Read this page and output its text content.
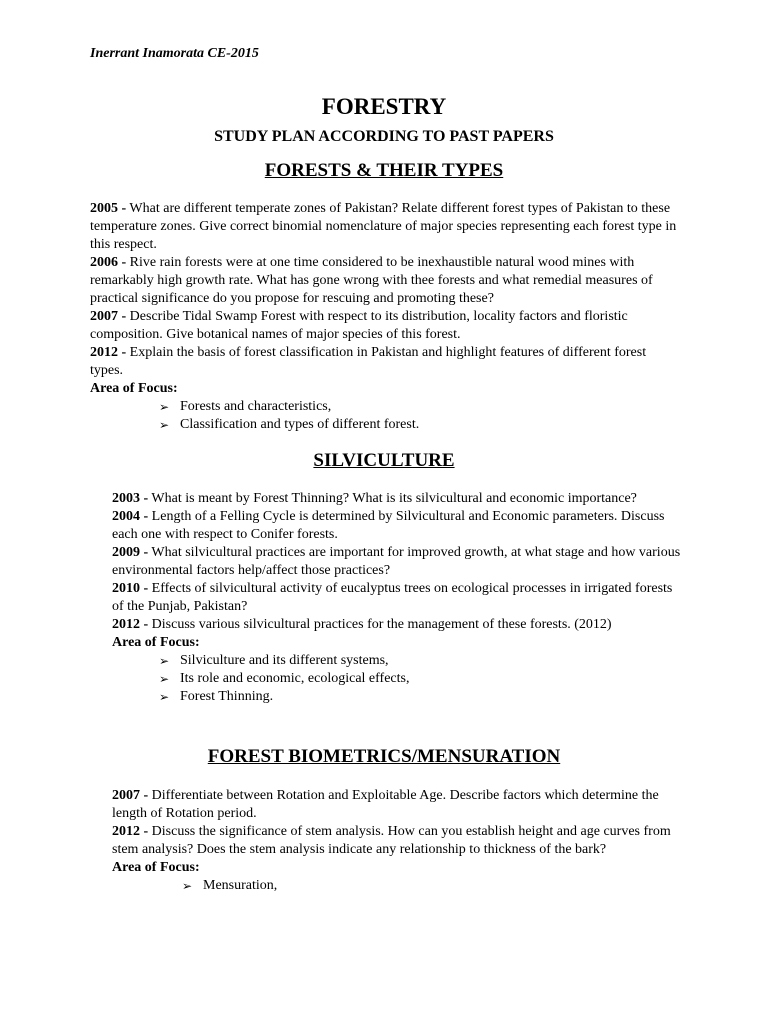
Inerrant Inamorata CE-2015
FORESTRY
STUDY PLAN ACCORDING TO PAST PAPERS
FORESTS & THEIR TYPES

2005 - What are different temperate zones of Pakistan? Relate different forest types of Pakistan to these temperature zones. Give correct binomial nomenclature of major species representing each forest type in this respect.

2006 - Rive rain forests were at one time considered to be inexhaustible natural wood mines with remarkably high growth rate. What has gone wrong with thee forests and what remedial measures of practical significance do you propose for rescuing and promoting these?

2007 - Describe Tidal Swamp Forest with respect to its distribution, locality factors and floristic composition. Give botanical names of major species of this forest.

2012 - Explain the basis of forest classification in Pakistan and highlight features of different forest types.

Area of Focus:

➢ Forests and characteristics,
➢ Classification and types of different forest.
SILVICULTURE

2003 - What is meant by Forest Thinning? What is its silvicultural and economic importance?

2004 - Length of a Felling Cycle is determined by Silvicultural and Economic parameters. Discuss each one with respect to Conifer forests.

2009 - What silvicultural practices are important for improved growth, at what stage and how various environmental factors help/affect those practices?

2010 - Effects of silvicultural activity of eucalyptus trees on ecological processes in irrigated forests of the Punjab, Pakistan?

2012 - Discuss various silvicultural practices for the management of these forests. (2012)

Area of Focus:

➢ Silviculture and its different systems,
➢ Its role and economic, ecological effects,
➢ Forest Thinning.
FOREST BIOMETRICS/MENSURATION

2007 - Differentiate between Rotation and Exploitable Age. Describe factors which determine the length of Rotation period.

2012 - Discuss the significance of stem analysis. How can you establish height and age curves from stem analysis? Does the stem analysis indicate any relationship to thickness of the bark?

Area of Focus:

➢ Mensuration,
